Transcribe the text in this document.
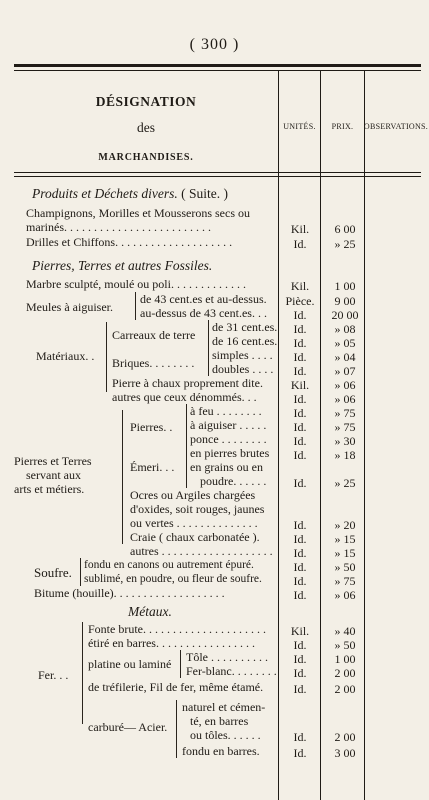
( 300 )
DÉSIGNATION
des
MARCHANDISES.
UNITÉS.	PRIX.	OBSERVATIONS.
Produits et Déchets divers. ( Suite. )
Champignons, Morilles et Mousserons secs ou
marinés. . . . . . . . . . . . . . . . . . . . . . . . .	Kil.	6 00
Drilles et Chiffons. . . . . . . . . . . . . . . . . . . .	Id.	» 25
Pierres, Terres et autres Fossiles.
Marbre sculpté, moulé ou poli. . . . . . . . . . . . .	Kil.	1 00
Meules à aiguiser.
de 43 cent.es et au-dessus.	Pièce.	9 00
au-dessus de 43 cent.es. . .	Id.	20 00
Matériaux. .
Carreaux de terre
de 31 cent.es.	Id.	» 08
de 16 cent.es.	Id.	» 05
Briques. . . . . . . .
simples . . . .	Id.	» 04
doubles . . . .	Id.	» 07
Pierre à chaux proprement dite.	Kil.	» 06
autres que ceux dénommés. . .	Id.	» 06
Pierres et Terres
servant aux
arts et métiers.
Pierres. .
à feu . . . . . . . .	Id.	» 75
à aiguiser . . . . .	Id.	» 75
ponce . . . . . . . .	Id.	» 30
Émeri. . .
en pierres brutes	Id.	» 18
en grains ou en
poudre. . . . . .	Id.	» 25
Ocres ou Argiles chargées
d'oxides, soit rouges, jaunes
ou vertes . . . . . . . . . . . . . .	Id.	» 20
Craie ( chaux carbonatée ).	Id.	» 15
autres . . . . . . . . . . . . . . . . . . .	Id.	» 15
Soufre. fondu en canons ou autrement épuré.	Id.	» 50
sublimé, en poudre, ou fleur de soufre.	Id.	» 75
Bitume (houille). . . . . . . . . . . . . . . . . . .	Id.	» 06
Métaux.
Fer. . .
Fonte brute. . . . . . . . . . . . . . . . . . . . .	Kil.	» 40
étiré en barres. . . . . . . . . . . . . . . . .	Id.	» 50
platine ou laminé Tôle . . . . . . . . . .	Id.	1 00
Fer-blanc. . . . . . . .	Id.	2 00
de tréfilerie, Fil de fer, même étamé.	Id.	2 00
carburé— Acier.
naturel et cémen-
té, en barres
ou tôles. . . . . .	Id.	2 00
fondu en barres.	Id.	3 00
